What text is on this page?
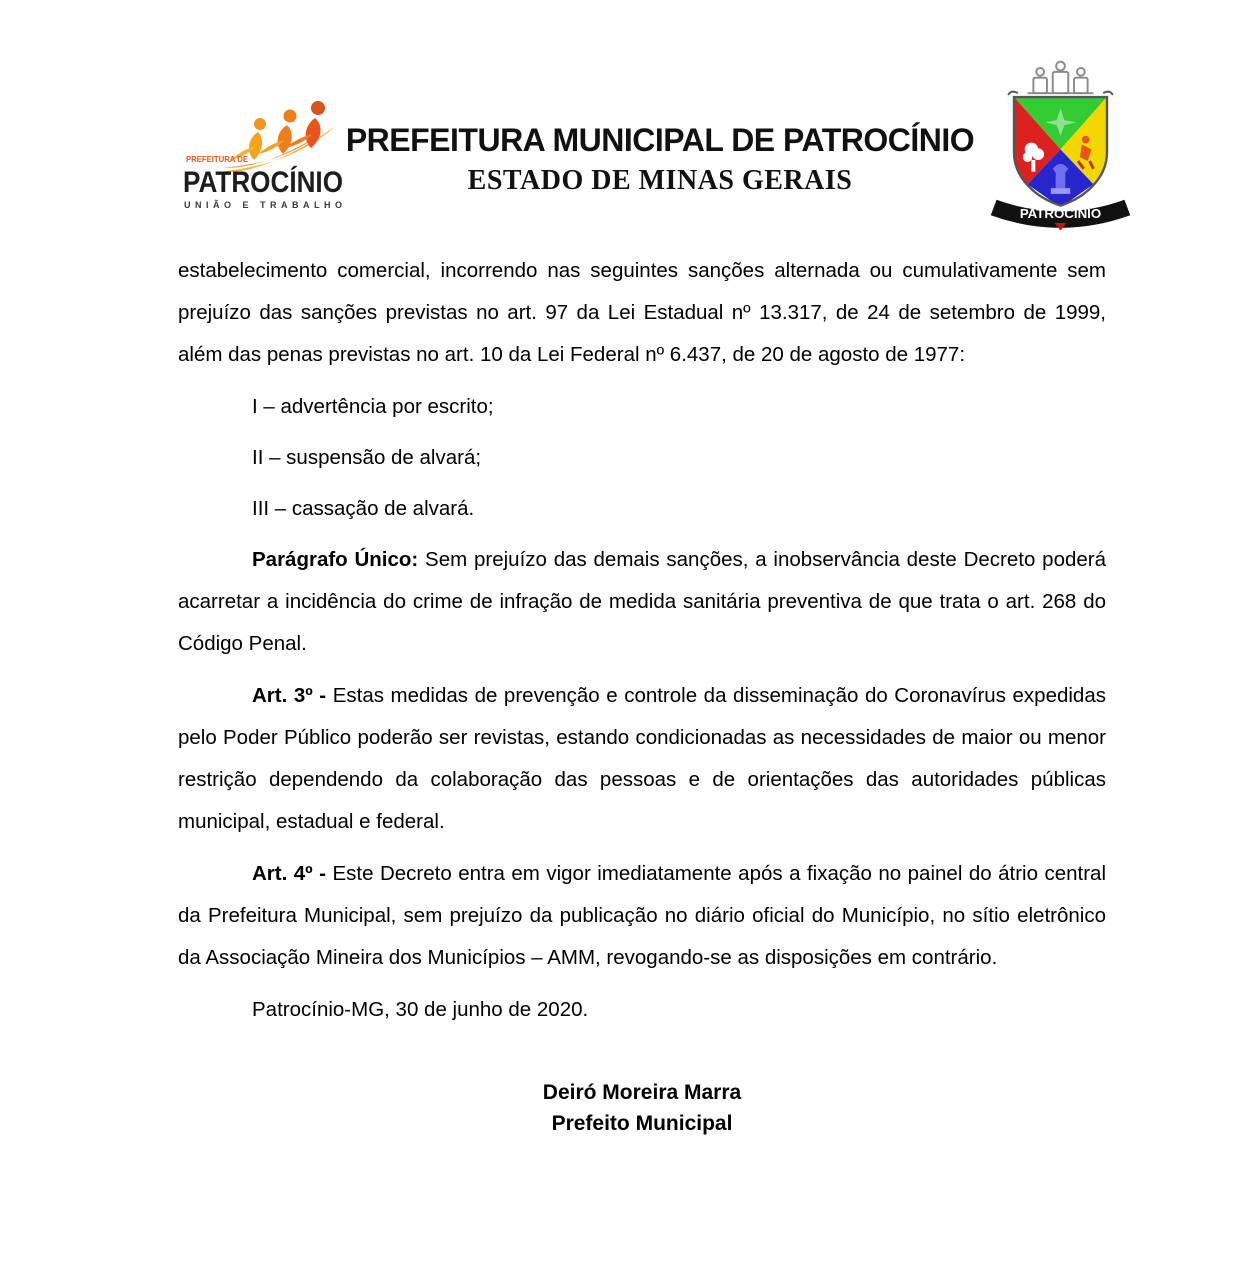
PREFEITURA DE
PATROCÍNIO
UNIÃO E TRABALHO
PREFEITURA MUNICIPAL DE PATROCÍNIO
ESTADO DE MINAS GERAIS
PATROCINIO

estabelecimento comercial, incorrendo nas seguintes sanções alternada ou cumulativamente sem prejuízo das sanções previstas no art. 97 da Lei Estadual nº 13.317, de 24 de setembro de 1999, além das penas previstas no art. 10 da Lei Federal nº 6.437, de 20 de agosto de 1977:

I – advertência por escrito;

II – suspensão de alvará;

III – cassação de alvará.

Parágrafo Único: Sem prejuízo das demais sanções, a inobservância deste Decreto poderá acarretar a incidência do crime de infração de medida sanitária preventiva de que trata o art. 268 do Código Penal.

Art. 3º - Estas medidas de prevenção e controle da disseminação do Coronavírus expedidas pelo Poder Público poderão ser revistas, estando condicionadas as necessidades de maior ou menor restrição dependendo da colaboração das pessoas e de orientações das autoridades públicas municipal, estadual e federal.

Art. 4º - Este Decreto entra em vigor imediatamente após a fixação no painel do átrio central da Prefeitura Municipal, sem prejuízo da publicação no diário oficial do Município, no sítio eletrônico da Associação Mineira dos Municípios – AMM, revogando-se as disposições em contrário.

Patrocínio-MG, 30 de junho de 2020.

Deiró Moreira Marra
Prefeito Municipal
